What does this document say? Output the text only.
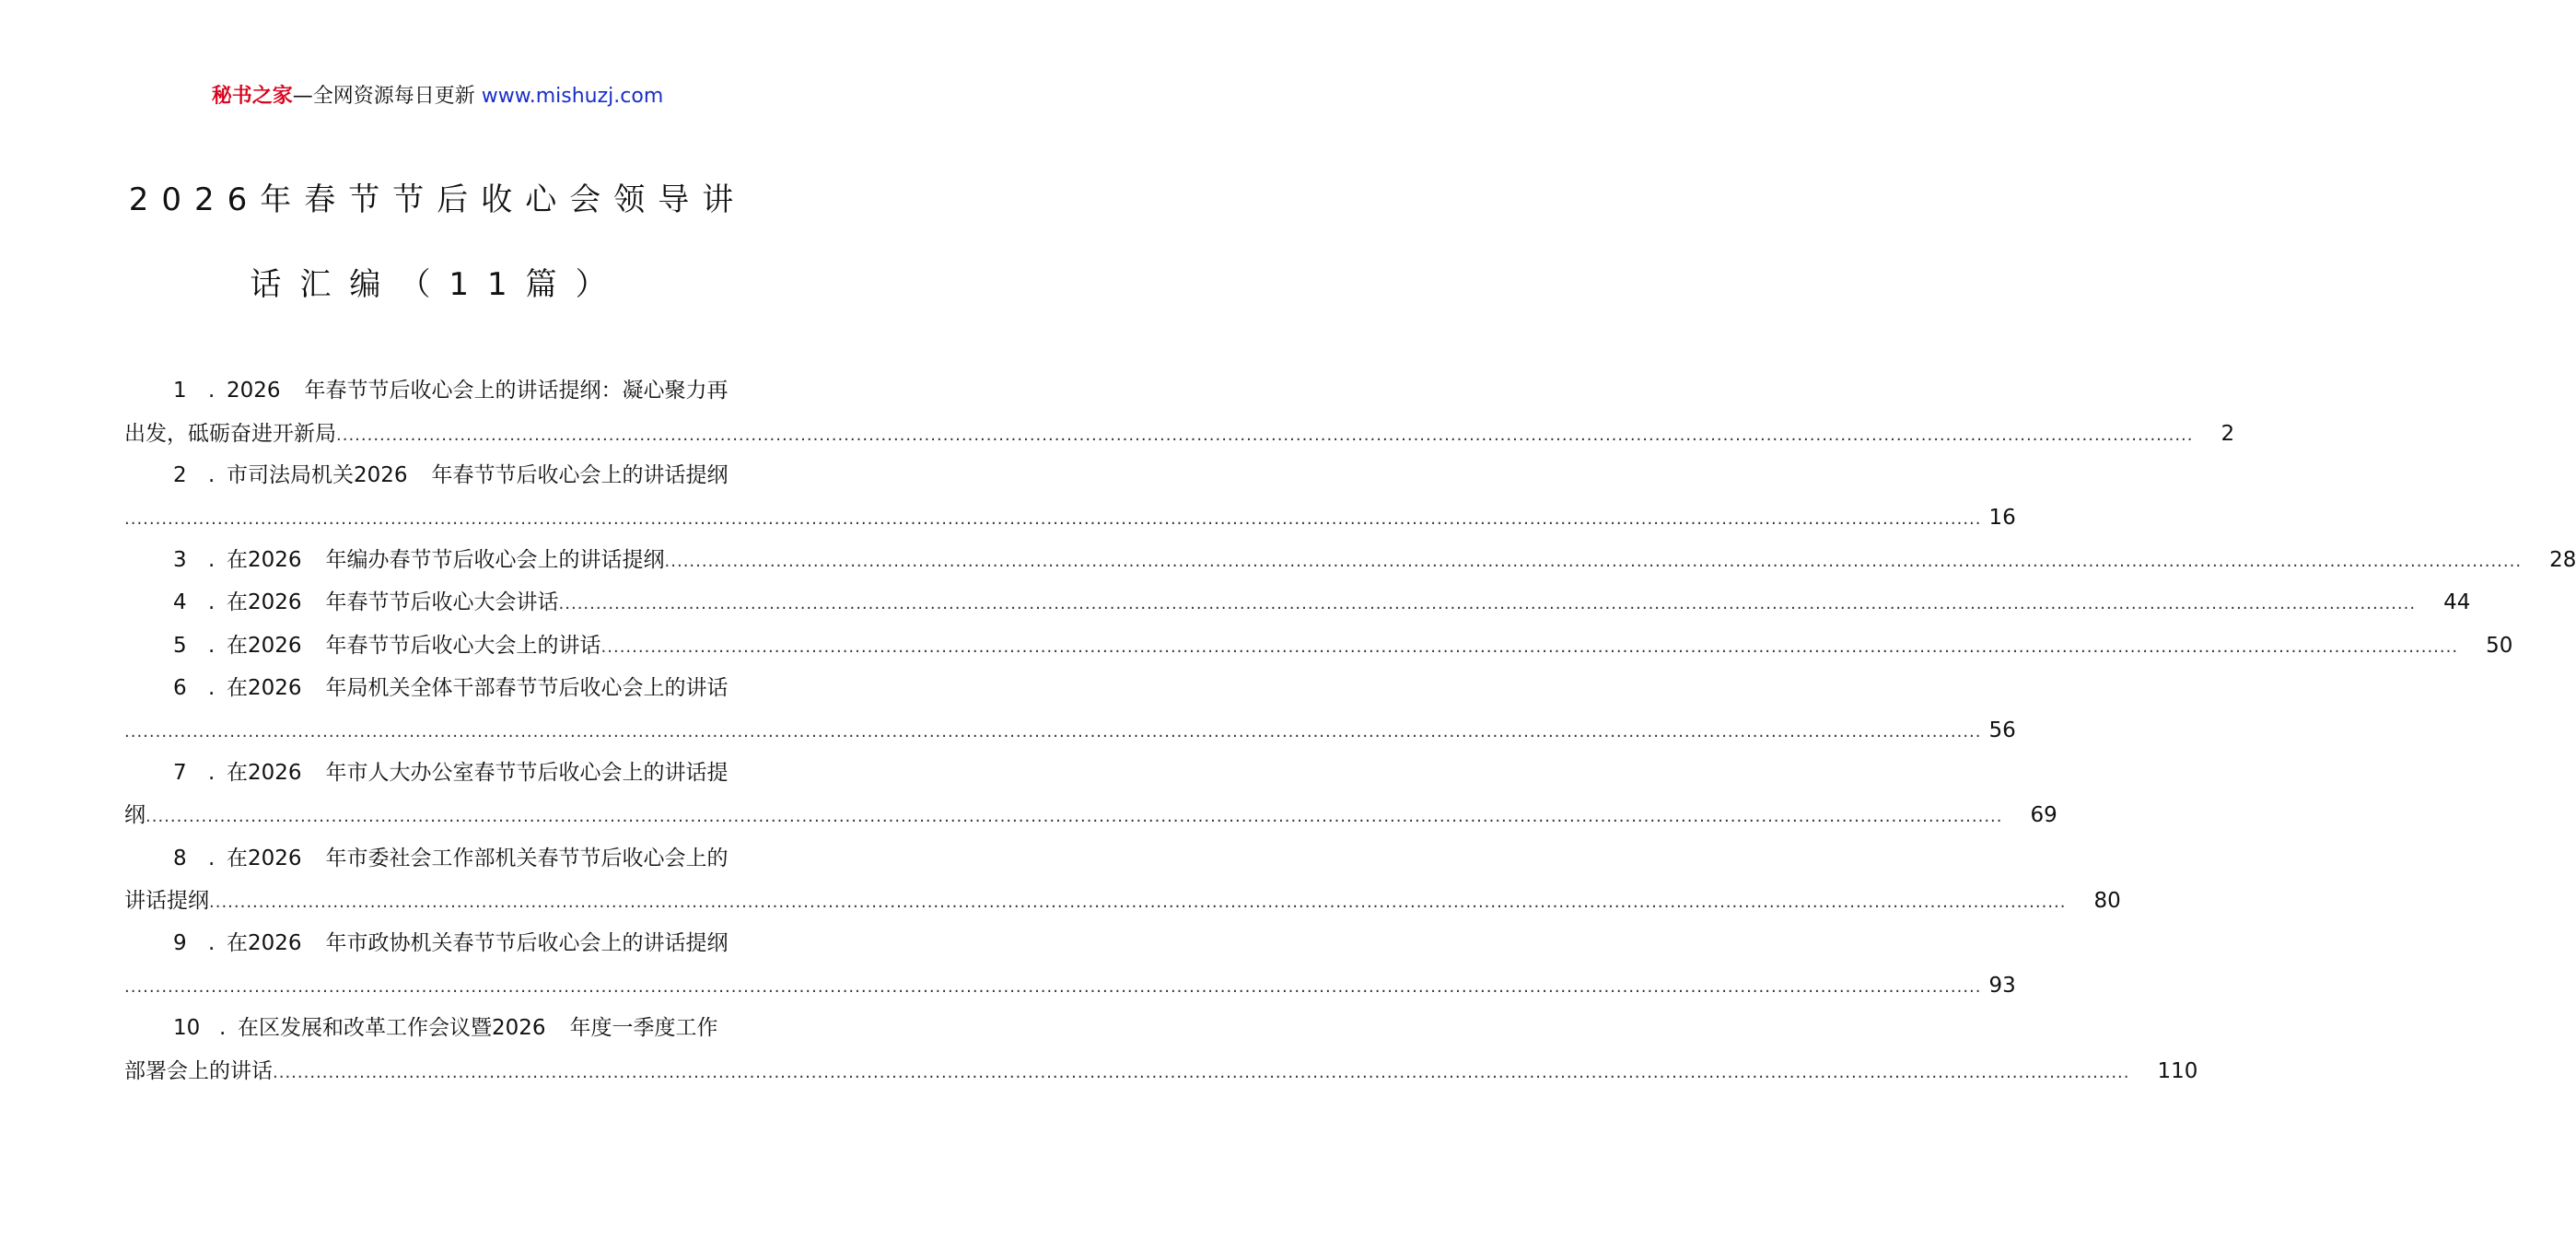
秘书之家—全网资源每日更新 www.mishuzj.com
2026年春节节后收心会领导讲
话汇编（11篇）
1 . 2026 年春节节后收心会上的讲话提纲：凝心聚力再
出发，砥砺奋进开新局 ............................................................................................................................................................................................................................................................................................................	2
2 . 市司法局机关2026 年春节节后收心会上的讲话提纲
............................................................................................................................................................................................................................................................................................................ 16
3 . 在2026 年编办春节节后收心会上的讲话提纲 ............................................................................................................................................................................................................................................................................................................	28
4 . 在2026 年春节节后收心大会讲话 ............................................................................................................................................................................................................................................................................................................	44
5 . 在2026 年春节节后收心大会上的讲话 ............................................................................................................................................................................................................................................................................................................	50
6 . 在2026 年局机关全体干部春节节后收心会上的讲话
............................................................................................................................................................................................................................................................................................................ 56
7 . 在2026 年市人大办公室春节节后收心会上的讲话提
纲 ............................................................................................................................................................................................................................................................................................................	69
8 . 在2026 年市委社会工作部机关春节节后收心会上的
讲话提纲 ............................................................................................................................................................................................................................................................................................................	80
9 . 在2026 年市政协机关春节节后收心会上的讲话提纲
............................................................................................................................................................................................................................................................................................................ 93
10 . 在区发展和改革工作会议暨2026 年度一季度工作
部署会上的讲话 ............................................................................................................................................................................................................................................................................................................	110
